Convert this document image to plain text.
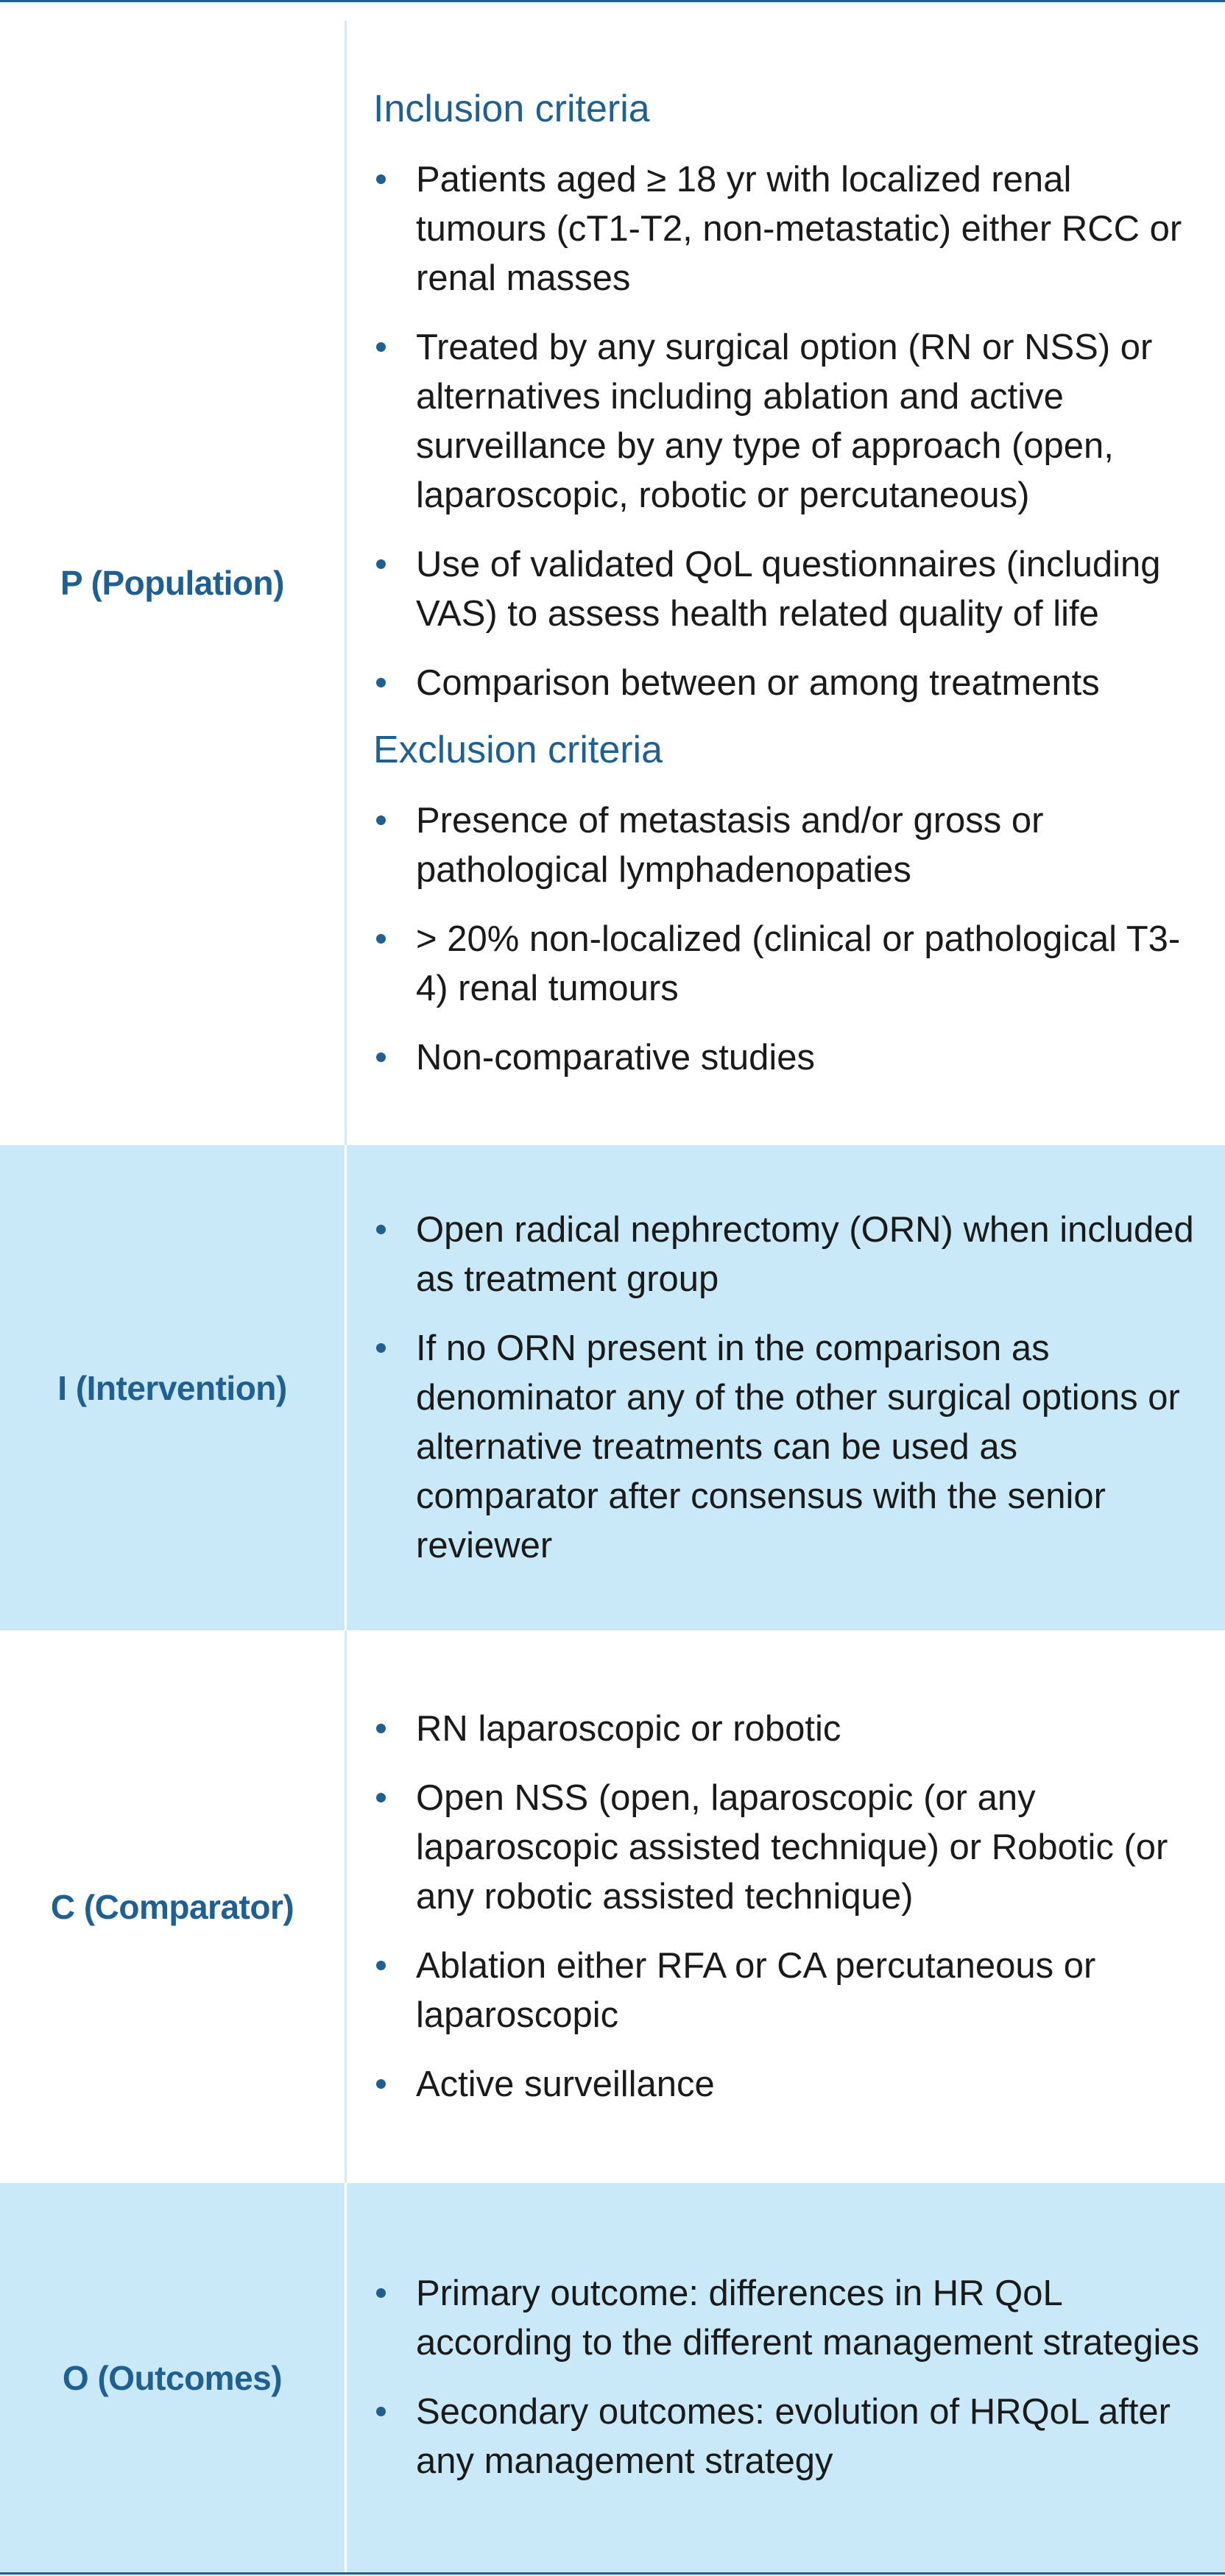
P (Population)
Inclusion criteria
Patients aged ≥ 18 yr with localized renal tumours (cT1-T2, non-metastatic) either RCC or renal masses
Treated by any surgical option (RN or NSS) or alternatives including ablation and active surveillance by any type of approach (open, laparoscopic, robotic or percutaneous)
Use of validated QoL questionnaires (including VAS) to assess health related quality of life
Comparison between or among treatments
Exclusion criteria
Presence of metastasis and/or gross or pathological lymphadenopaties
> 20% non-localized (clinical or pathological T3-4) renal tumours
Non-comparative studies
I (Intervention)
Open radical nephrectomy (ORN) when included as treatment group
If no ORN present in the comparison as denominator any of the other surgical options or alternative treatments can be used as comparator after consensus with the senior reviewer
C (Comparator)
RN laparoscopic or robotic
Open NSS (open, laparoscopic (or any laparoscopic assisted technique) or Robotic (or any robotic assisted technique)
Ablation either RFA or CA percutaneous or laparoscopic
Active surveillance
O (Outcomes)
Primary outcome: differences in HR QoL according to the different management strategies
Secondary outcomes: evolution of HRQoL after any management strategy
